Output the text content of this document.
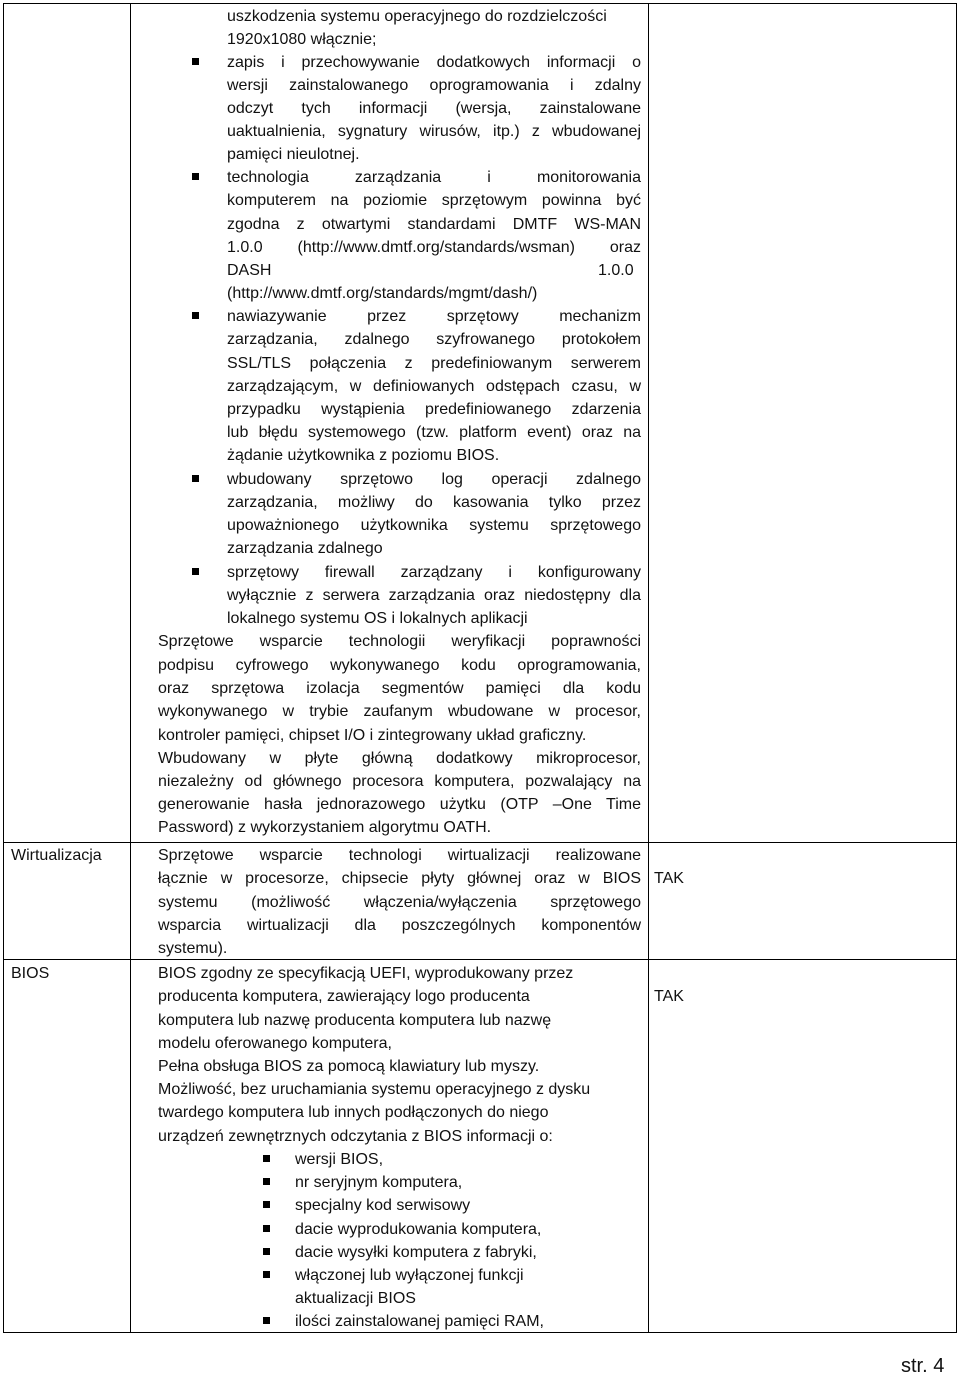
Wirtualizacja
BIOS
TAK
TAK
uszkodzenia systemu operacyjnego do rozdzielczości
1920x1080 włącznie;
zapis i przechowywanie dodatkowych informacji o
wersji zainstalowanego oprogramowania i zdalny
odczyt tych informacji (wersja, zainstalowane
uaktualnienia, sygnatury wirusów, itp.) z wbudowanej
pamięci nieulotnej.
technologia zarządzania i monitorowania
komputerem na poziomie sprzętowym powinna być
zgodna z otwartymi standardami DMTF WS-MAN
1.0.0 (http://www.dmtf.org/standards/wsman) oraz
DASH	1.0.0
(http://www.dmtf.org/standards/mgmt/dash/)
nawiazywanie przez sprzętowy mechanizm
zarządzania, zdalnego szyfrowanego protokołem
SSL/TLS połączenia z predefiniowanym serwerem
zarządzającym, w definiowanych odstępach czasu, w
przypadku wystąpienia predefiniowanego zdarzenia
lub błędu systemowego (tzw. platform event) oraz na
żądanie użytkownika z poziomu BIOS.
wbudowany sprzętowo log operacji zdalnego
zarządzania, możliwy do kasowania tylko przez
upoważnionego użytkownika systemu sprzętowego
zarządzania zdalnego
sprzętowy firewall zarządzany i konfigurowany
wyłącznie z serwera zarządzania oraz niedostępny dla
lokalnego systemu OS i lokalnych aplikacji
Sprzętowe wsparcie technologii weryfikacji poprawności
podpisu cyfrowego wykonywanego kodu oprogramowania,
oraz sprzętowa izolacja segmentów pamięci dla kodu
wykonywanego w trybie zaufanym wbudowane w procesor,
kontroler pamięci, chipset I/O i zintegrowany układ graficzny.
Wbudowany w płyte główną dodatkowy mikroprocesor,
niezależny od głównego procesora komputera, pozwalający na
generowanie hasła jednorazowego użytku (OTP –One Time
Password) z wykorzystaniem algorytmu OATH.
Sprzętowe wsparcie technologi wirtualizacji realizowane
łącznie w procesorze, chipsecie płyty głównej oraz w BIOS
systemu (możliwość włączenia/wyłączenia sprzętowego
wsparcia wirtualizacji dla poszczególnych komponentów
systemu).
BIOS zgodny ze specyfikacją UEFI, wyprodukowany przez
producenta komputera, zawierający logo producenta
komputera lub nazwę producenta komputera lub nazwę
modelu oferowanego komputera,
Pełna obsługa BIOS za pomocą klawiatury lub myszy.
Możliwość, bez uruchamiania systemu operacyjnego z dysku
twardego komputera lub innych podłączonych do niego
urządzeń zewnętrznych odczytania z BIOS informacji o:
wersji BIOS,
nr seryjnym komputera,
specjalny kod serwisowy
dacie wyprodukowania komputera,
dacie wysyłki komputera z fabryki,
włączonej lub wyłączonej funkcji
aktualizacji BIOS
ilości zainstalowanej pamięci RAM,
str. 4
